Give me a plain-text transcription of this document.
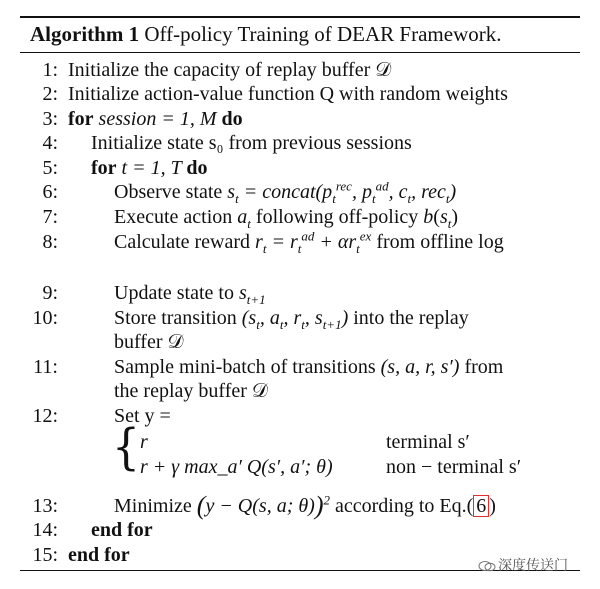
Algorithm 1 Off-policy Training of DEAR Framework.
1: Initialize the capacity of replay buffer 𝒟
2: Initialize action-value function Q with random weights
3: for session = 1, M do
4: Initialize state s₀ from previous sessions
5: for t = 1, T do
6:	Observe state $s_t$ = $concat(p_t^{rec}$, $p_t^{ad}$, $c_t$, rec$_t$)
7:	Execute action $a_t$ following off-policy $b(s_t)$
8:	Calculate reward $r_t = r_t^{ad} + \alpha r_t^{ex}$ from offline log
9:	Update state to $s_{t+1}$
10:	Store transition ($s_t$, $a_t$, $r_t$, $s_{t+1}$) into the replay
buffer 𝒟
11:	Sample mini-batch of transitions (s, a, r, s′) from
the replay buffer 𝒟
12:	Set y =
{ r	terminal s′
r + γ max_a′ Q(s′, a′; θ)	non − terminal s′
13:	Minimize (y − Q(s, a; θ))$^2$ according to Eq.( 6 )
14: end for
15: end for	深度传送门
